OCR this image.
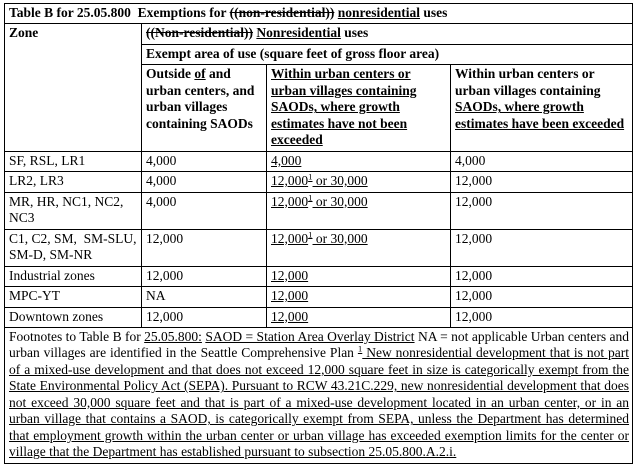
Table B for 25.05.800  Exemptions for ((non-residential)) nonresidential uses			
Zone	((Non-residential)) Nonresidential uses		
	Exempt area of use (square feet of gross floor area)		
	Outside of and urban centers, and urban villages containing SAODs	Within urban centers or urban villages containing SAODs, where growth estimates have not been exceeded	Within urban centers or urban villages containing SAODs, where growth estimates have been exceeded
SF, RSL, LR1	4,000	4,000	4,000
LR2, LR3	4,000	12,000$^1$ or 30,000	12,000
MR, HR, NC1, NC2, NC3	4,000	12,000$^1$ or 30,000	12,000
C1, C2, SM,  SM-SLU, SM-D, SM-NR	12,000	12,000$^1$ or 30,000	12,000
Industrial zones	12,000	12,000	12,000
MPC-YT	NA	12,000	12,000
Downtown zones	12,000	12,000	12,000
Footnotes to Table B for 25.05.800: SAOD = Station Area Overlay District NA = not applicable Urban centers and urban villages are identified in the Seattle Comprehensive Plan $^1$ New nonresidential development that is not part of a mixed-use development and that does not exceed 12,000 square feet in size is categorically exempt from the State Environmental Policy Act (SEPA). Pursuant to RCW 43.21C.229, new nonresidential development that does not exceed 30,000 square feet and that is part of a mixed-use development located in an urban center, or in an urban village that contains a SAOD, is categorically exempt from SEPA, unless the Department has determined that employment growth within the urban center or urban village has exceeded exemption limits for the center or village that the Department has established pursuant to subsection 25.05.800.A.2.i.			
